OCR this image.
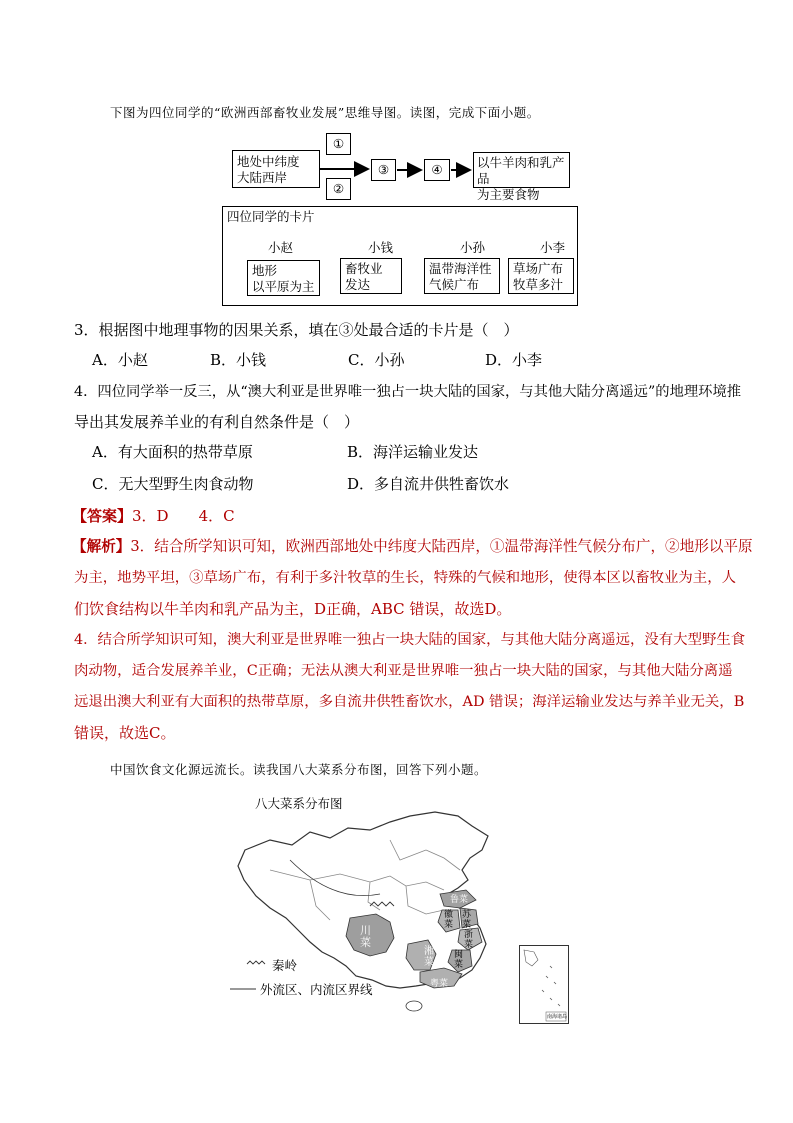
下图为四位同学的“欧洲西部畜牧业发展”思维导图。读图，完成下面小题。
地处中纬度
大陆西岸
①
②
③	④	以牛羊肉和乳产品
为主要食物
四位同学的卡片
小赵	小钱	小孙	小李
地形
以平原为主
畜牧业
发达
温带海洋性
气候广布
草场广布
牧草多汁
3．根据图中地理事物的因果关系，填在③处最合适的卡片是（　）
A．小赵	B．小钱	C．小孙	D．小李
4．四位同学举一反三，从“澳大利亚是世界唯一独占一块大陆的国家，与其他大陆分离遥远”的地理环境推
导出其发展养羊业的有利自然条件是（　）
A．有大面积的热带草原	B．海洋运输业发达
C．无大型野生肉食动物	D．多自流井供牲畜饮水
【答案】3．D　　4．C
【解析】3．结合所学知识可知，欧洲西部地处中纬度大陆西岸，①温带海洋性气候分布广，②地形以平原
为主，地势平坦，③草场广布，有利于多汁牧草的生长，特殊的气候和地形，使得本区以畜牧业为主，人
们饮食结构以牛羊肉和乳产品为主，D正确，ABC 错误，故选D。
4．结合所学知识可知，澳大利亚是世界唯一独占一块大陆的国家，与其他大陆分离遥远，没有大型野生食
肉动物，适合发展养羊业，C正确；无法从澳大利亚是世界唯一独占一块大陆的国家，与其他大陆分离遥
远退出澳大利亚有大面积的热带草原，多自流井供牲畜饮水，AD 错误；海洋运输业发达与养羊业无关，B
错误，故选C。
中国饮食文化源远流长。读我国八大菜系分布图，回答下列小题。
八大菜系分布图
川菜
湘菜
粤菜
鲁菜
徽菜
苏菜
浙菜
闽菜
秦岭
外流区、内流区界线
南海诸岛
